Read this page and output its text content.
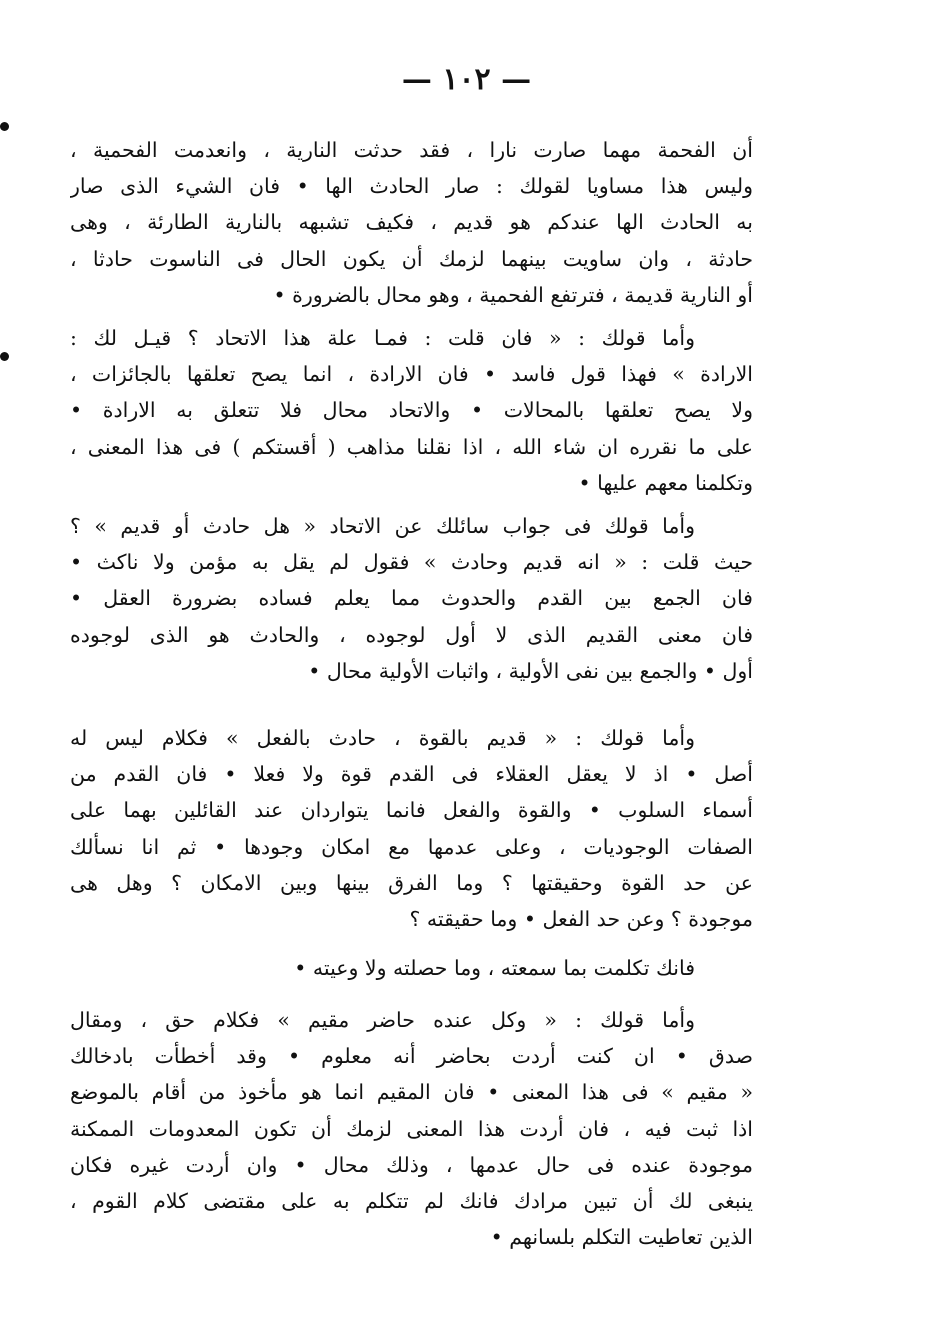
— ١٠٢ —
أن الفحمة مهما صارت نارا ، فقد حدثت النارية ، وانعدمت الفحمية ،
وليس هذا مساويا لقولك : صار الحادث الها • فان الشيء الذى صار
به الحادث الها عندكم هو قديم ، فكيف تشبهه بالنارية الطارئة ، وهى
حادثة ، وان ساويت بينهما لزمك أن يكون الحال فى الناسوت حادثا ،
أو النارية قديمة ، فترتفع الفحمية ، وهو محال بالضرورة •
وأما قولك : « فان قلت : فمـا علة هذا الاتحاد ؟ قيـل لك :
الارادة » فهذا قول فاسد • فان الارادة ، انما يصح تعلقها بالجائزات ،
ولا يصح تعلقها بالمحالات • والاتحاد محال فلا تتعلق به الارادة •
على ما نقرره ان شاء الله ، اذا نقلنا مذاهب ( أقستكم ) فى هذا المعنى ،
وتكلمنا معهم عليها •
وأما قولك فى جواب سائلك عن الاتحاد « هل حادث أو قديم » ؟
حيث قلت : « انه قديم وحادث » فقول لم يقل به مؤمن ولا ناكث •
فان الجمع بين القدم والحدوث مما يعلم فساده بضرورة العقل •
فان معنى القديم الذى لا أول لوجوده ، والحادث هو الذى لوجوده
أول • والجمع بين نفى الأولية ، واثبات الأولية محال •
وأما قولك : « قديم بالقوة ، حادث بالفعل » فكلام ليس له
أصل • اذ لا يعقل العقلاء فى القدم قوة ولا فعلا • فان القدم من
أسماء السلوب • والقوة والفعل فانما يتواردان عند القائلين بهما على
الصفات الوجوديات ، وعلى عدمها مع امكان وجودها • ثم انا نسألك
عن حد القوة وحقيقتها ؟ وما الفرق بينها وبين الامكان ؟ وهل هى
موجودة ؟ وعن حد الفعل • وما حقيقته ؟
فانك تكلمت بما سمعته ، وما حصلته ولا وعيته •
وأما قولك : « وكل عنده حاضر مقيم » فكلام حق ، ومقال
صدق • ان كنت أردت بحاضر أنه معلوم • وقد أخطأت بادخالك
« مقيم » فى هذا المعنى • فان المقيم انما هو مأخوذ من أقام بالموضع
اذا ثبت فيه ، فان أردت هذا المعنى لزمك أن تكون المعدومات الممكنة
موجودة عنده فى حال عدمها ، وذلك محال • وان أردت غيره فكان
ينبغى لك أن تبين مرادك فانك لم تتكلم به على مقتضى كلام القوم ،
الذين تعاطيت التكلم بلسانهم •
